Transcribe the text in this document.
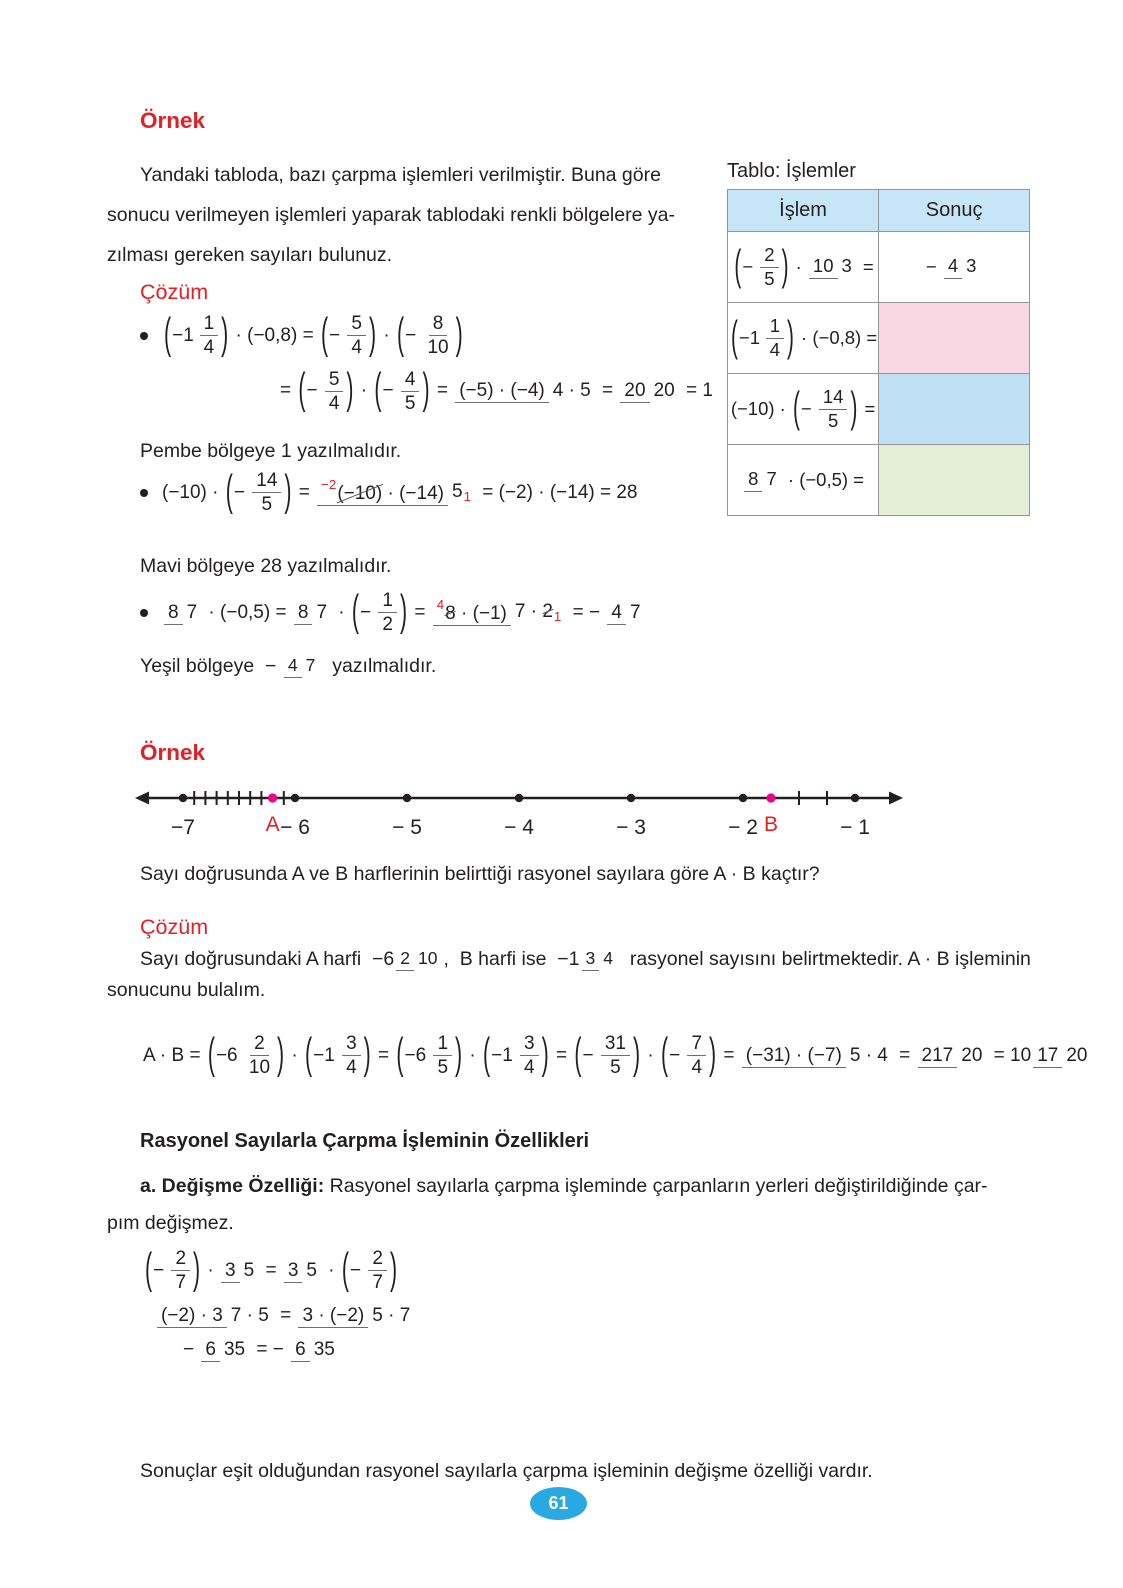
Örnek
Yandaki tabloda, bazı çarpma işlemleri verilmiştir. Buna göre
sonucu verilmeyen işlemleri yaparak tablodaki renkli bölgelere ya-
zılması gereken sayıları bulunuz.
Tablo: İşlemler
İşlem	Sonuç

( − $\frac{2}{5}$ ) · 10 3 =	− 4 3

( −1
  $\frac{1}{4}$ ) · (−0,8) =

(−10) · ( − $\frac{14}{5}$ ) =

8 7 · (−0,5) =	

Çözüm
( −1
  $\frac{1}{4}$ ) · (−0,8) = ( − $\frac{5}{4}$ ) · ( − $\frac{8}{10}$ )
= ( − $\frac{5}{4}$ ) · ( − $\frac{4}{5}$ ) = (−5) · (−4) 4 · 5 = 20 20 = 1
Pembe bölgeye 1 yazılmalıdır.
(−10) · ( − $\frac{14}{5}$ ) = −2 (−10) · (−14) 5 1 = (−2) · (−14) = 28
Mavi bölgeye 28 yazılmalıdır.
8 7 · (−0,5) = 8 7 · ( − $\frac{1}{2}$ ) = 4 8 · (−1) 7 · 2 1 = − 4 7
Yeşil bölgeye  − 4 7 yazılmalıdır.
Örnek
−7	− 6	− 5	− 4	− 3	− 2	− 1
A	B
Sayı doğrusunda A ve B harflerinin belirttiği rasyonel sayılara göre A · B kaçtır?
Çözüm
Sayı doğrusundaki A harfi  −6 2 10 ,  B harfi ise  −1 3 4 rasyonel sayısını belirtmektedir. A · B işleminin
sonucunu bulalım.
A · B = ( $-6 \frac{2}{10}$ ) · ( $-1 \frac{3}{4}$ ) = ( $-6 \frac{1}{5}$ ) · ( $-1 \frac{3}{4}$ ) = ( − $\frac{31}{5}$ ) · ( − $\frac{7}{4}$ ) = (−31) · (−7) 5 · 4 = 217 20 = 10 17 20
Rasyonel Sayılarla Çarpma İşleminin Özellikleri
a. Değişme Özelliği: Rasyonel sayılarla çarpma işleminde çarpanların yerleri değiştirildiğinde çar-
pım değişmez.
( − $\frac{2}{7}$ ) · 3 5 = 3 5 · ( − $\frac{2}{7}$ )
(−2) · 3 7 · 5 = 3 · (−2) 5 · 7
− 6 35 = − 6 35
Sonuçlar eşit olduğundan rasyonel sayılarla çarpma işleminin değişme özelliği vardır.
61
